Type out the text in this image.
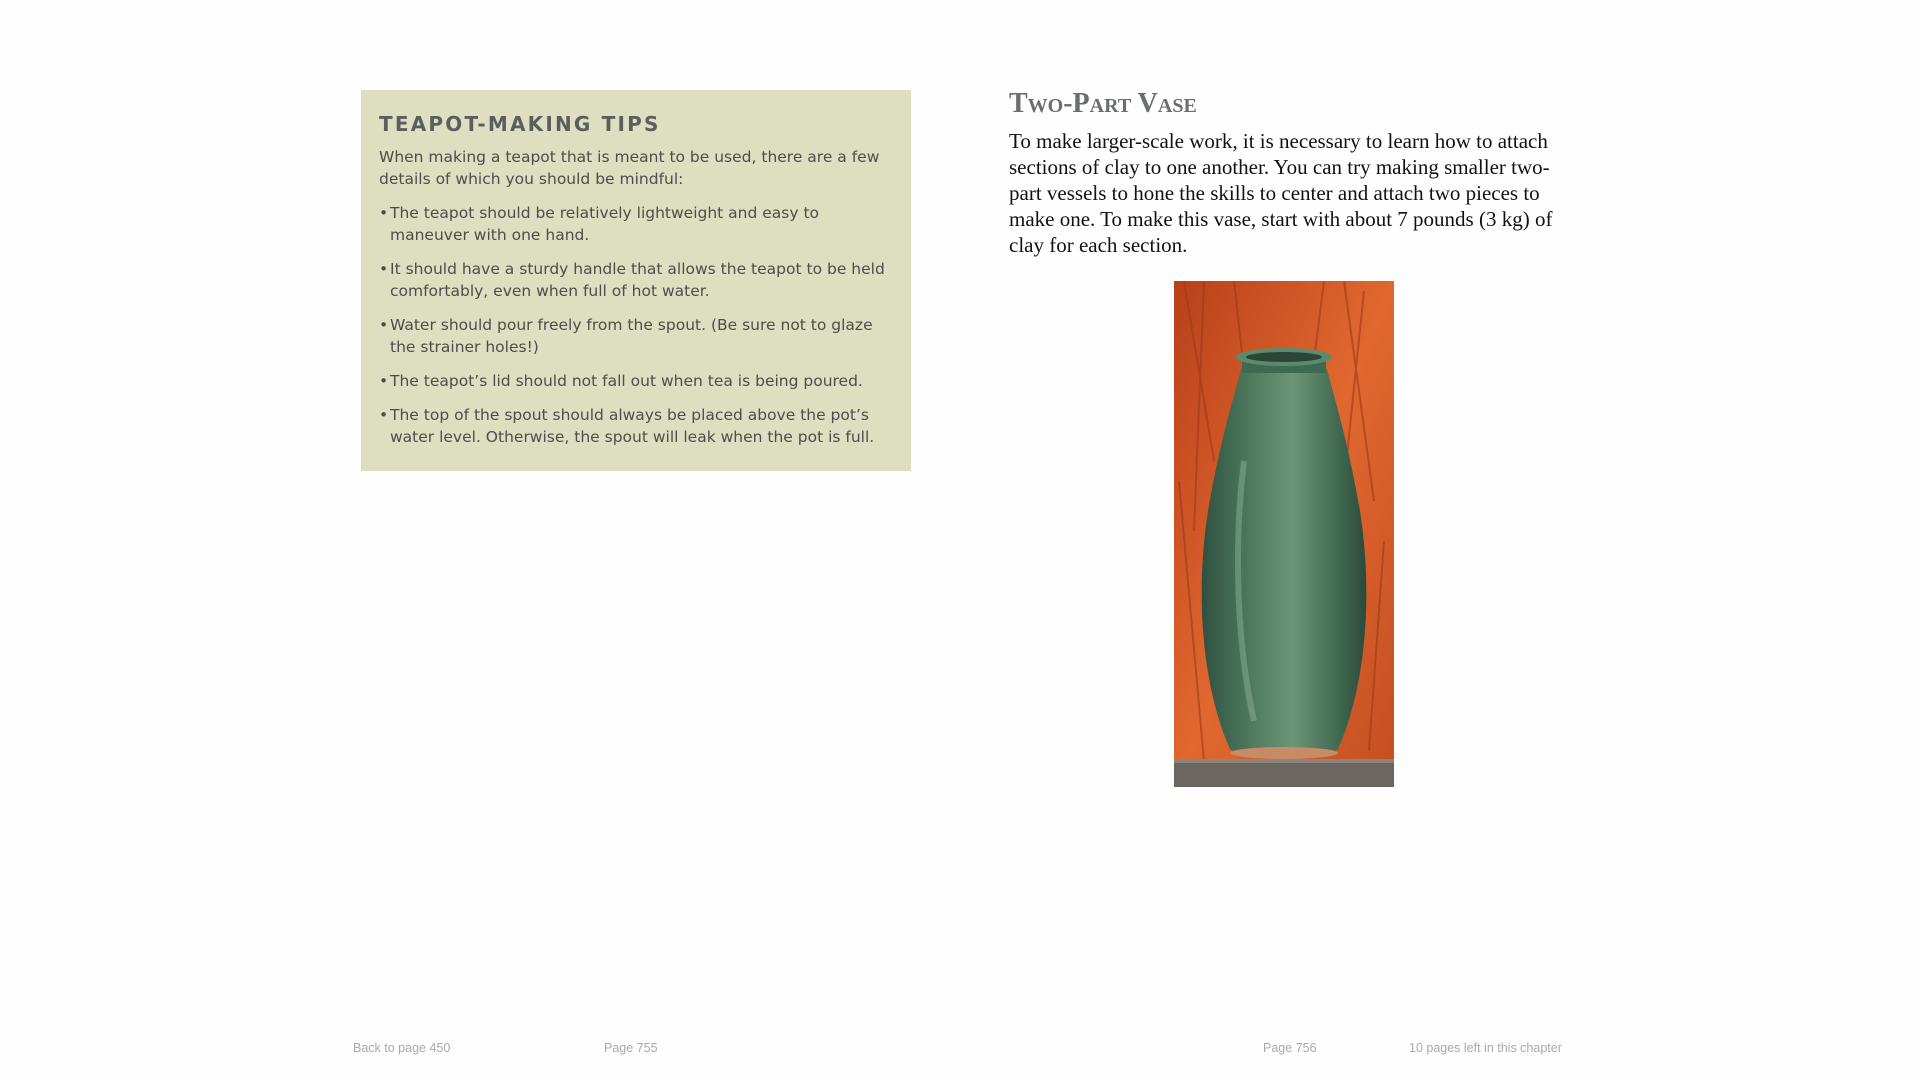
TEAPOT-MAKING TIPS

When making a teapot that is meant to be used, there are a few details of which you should be mindful:

• The teapot should be relatively lightweight and easy to maneuver with one hand.
• It should have a sturdy handle that allows the teapot to be held comfortably, even when full of hot water.
• Water should pour freely from the spout. (Be sure not to glaze the strainer holes!)
• The teapot’s lid should not fall out when tea is being poured.
• The top of the spout should always be placed above the pot’s water level. Otherwise, the spout will leak when the pot is full.
Two-Part Vase

To make larger-scale work, it is necessary to learn how to attach sections of clay to one another. You can try making smaller two-part vessels to hone the skills to center and attach two pieces to make one. To make this vase, start with about 7 pounds (3 kg) of clay for each section.

Back to page 450	Page 755	Page 756	10 pages left in this chapter
